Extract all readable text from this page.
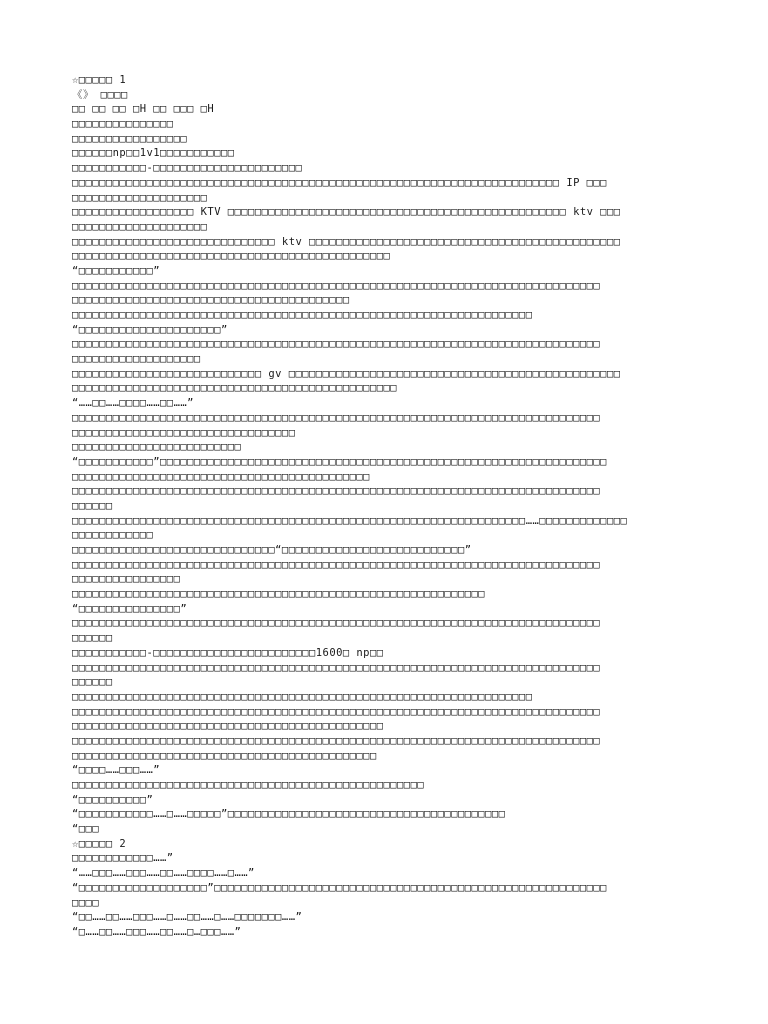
☆□□□□□ 1
《》 □□□□
□□ □□ □□ □H □□ □□□ □H
□□□□□□□□□□□□□□□
□□□□□□□□□□□□□□□□□
□□□□□□np□□1v1□□□□□□□□□□□
□□□□□□□□□□□-□□□□□□□□□□□□□□□□□□□□□□
□□□□□□□□□□□□□□□□□□□□□□□□□□□□□□□□□□□□□□□□□□□□□□□□□□□□□□□□□□□□□□□□□□□□□□□□ IP □□□
□□□□□□□□□□□□□□□□□□□□
□□□□□□□□□□□□□□□□□□ KTV □□□□□□□□□□□□□□□□□□□□□□□□□□□□□□□□□□□□□□□□□□□□□□□□□□ ktv □□□
□□□□□□□□□□□□□□□□□□□□
□□□□□□□□□□□□□□□□□□□□□□□□□□□□□□ ktv □□□□□□□□□□□□□□□□□□□□□□□□□□□□□□□□□□□□□□□□□□□□□□
□□□□□□□□□□□□□□□□□□□□□□□□□□□□□□□□□□□□□□□□□□□□□□□
“□□□□□□□□□□□”
□□□□□□□□□□□□□□□□□□□□□□□□□□□□□□□□□□□□□□□□□□□□□□□□□□□□□□□□□□□□□□□□□□□□□□□□□□□□□□
□□□□□□□□□□□□□□□□□□□□□□□□□□□□□□□□□□□□□□□□□
□□□□□□□□□□□□□□□□□□□□□□□□□□□□□□□□□□□□□□□□□□□□□□□□□□□□□□□□□□□□□□□□□□□□
“□□□□□□□□□□□□□□□□□□□□□”
□□□□□□□□□□□□□□□□□□□□□□□□□□□□□□□□□□□□□□□□□□□□□□□□□□□□□□□□□□□□□□□□□□□□□□□□□□□□□□
□□□□□□□□□□□□□□□□□□□
□□□□□□□□□□□□□□□□□□□□□□□□□□□□ gv □□□□□□□□□□□□□□□□□□□□□□□□□□□□□□□□□□□□□□□□□□□□□□□□□
□□□□□□□□□□□□□□□□□□□□□□□□□□□□□□□□□□□□□□□□□□□□□□□□
“……□□……□□□□……□□……”
□□□□□□□□□□□□□□□□□□□□□□□□□□□□□□□□□□□□□□□□□□□□□□□□□□□□□□□□□□□□□□□□□□□□□□□□□□□□□□
□□□□□□□□□□□□□□□□□□□□□□□□□□□□□□□□□
□□□□□□□□□□□□□□□□□□□□□□□□□
“□□□□□□□□□□□”□□□□□□□□□□□□□□□□□□□□□□□□□□□□□□□□□□□□□□□□□□□□□□□□□□□□□□□□□□□□□□□□□□
□□□□□□□□□□□□□□□□□□□□□□□□□□□□□□□□□□□□□□□□□□□□
□□□□□□□□□□□□□□□□□□□□□□□□□□□□□□□□□□□□□□□□□□□□□□□□□□□□□□□□□□□□□□□□□□□□□□□□□□□□□□
□□□□□□
□□□□□□□□□□□□□□□□□□□□□□□□□□□□□□□□□□□□□□□□□□□□□□□□□□□□□□□□□□□□□□□□□□□……□□□□□□□□□□□□□
□□□□□□□□□□□□
□□□□□□□□□□□□□□□□□□□□□□□□□□□□□□“□□□□□□□□□□□□□□□□□□□□□□□□□□□”
□□□□□□□□□□□□□□□□□□□□□□□□□□□□□□□□□□□□□□□□□□□□□□□□□□□□□□□□□□□□□□□□□□□□□□□□□□□□□□
□□□□□□□□□□□□□□□□
□□□□□□□□□□□□□□□□□□□□□□□□□□□□□□□□□□□□□□□□□□□□□□□□□□□□□□□□□□□□□
“□□□□□□□□□□□□□□□”
□□□□□□□□□□□□□□□□□□□□□□□□□□□□□□□□□□□□□□□□□□□□□□□□□□□□□□□□□□□□□□□□□□□□□□□□□□□□□□
□□□□□□
□□□□□□□□□□□-□□□□□□□□□□□□□□□□□□□□□□□□1600□ np□□
□□□□□□□□□□□□□□□□□□□□□□□□□□□□□□□□□□□□□□□□□□□□□□□□□□□□□□□□□□□□□□□□□□□□□□□□□□□□□□
□□□□□□
□□□□□□□□□□□□□□□□□□□□□□□□□□□□□□□□□□□□□□□□□□□□□□□□□□□□□□□□□□□□□□□□□□□□
□□□□□□□□□□□□□□□□□□□□□□□□□□□□□□□□□□□□□□□□□□□□□□□□□□□□□□□□□□□□□□□□□□□□□□□□□□□□□□
□□□□□□□□□□□□□□□□□□□□□□□□□□□□□□□□□□□□□□□□□□□□□□
□□□□□□□□□□□□□□□□□□□□□□□□□□□□□□□□□□□□□□□□□□□□□□□□□□□□□□□□□□□□□□□□□□□□□□□□□□□□□□
□□□□□□□□□□□□□□□□□□□□□□□□□□□□□□□□□□□□□□□□□□□□□
“□□□□……□□□……”
□□□□□□□□□□□□□□□□□□□□□□□□□□□□□□□□□□□□□□□□□□□□□□□□□□□□
“□□□□□□□□□□”
“□□□□□□□□□□□……□……□□□□□”□□□□□□□□□□□□□□□□□□□□□□□□□□□□□□□□□□□□□□□□□
“□□□
☆□□□□□ 2
□□□□□□□□□□□□……”
“……□□□……□□□……□□……□□□□……□……”
“□□□□□□□□□□□□□□□□□□□”□□□□□□□□□□□□□□□□□□□□□□□□□□□□□□□□□□□□□□□□□□□□□□□□□□□□□□□□□□
□□□□
“□□……□□……□□□……□……□□……□……□□□□□□□……”
“□……□□……□□□……□□……□…□□□……”
